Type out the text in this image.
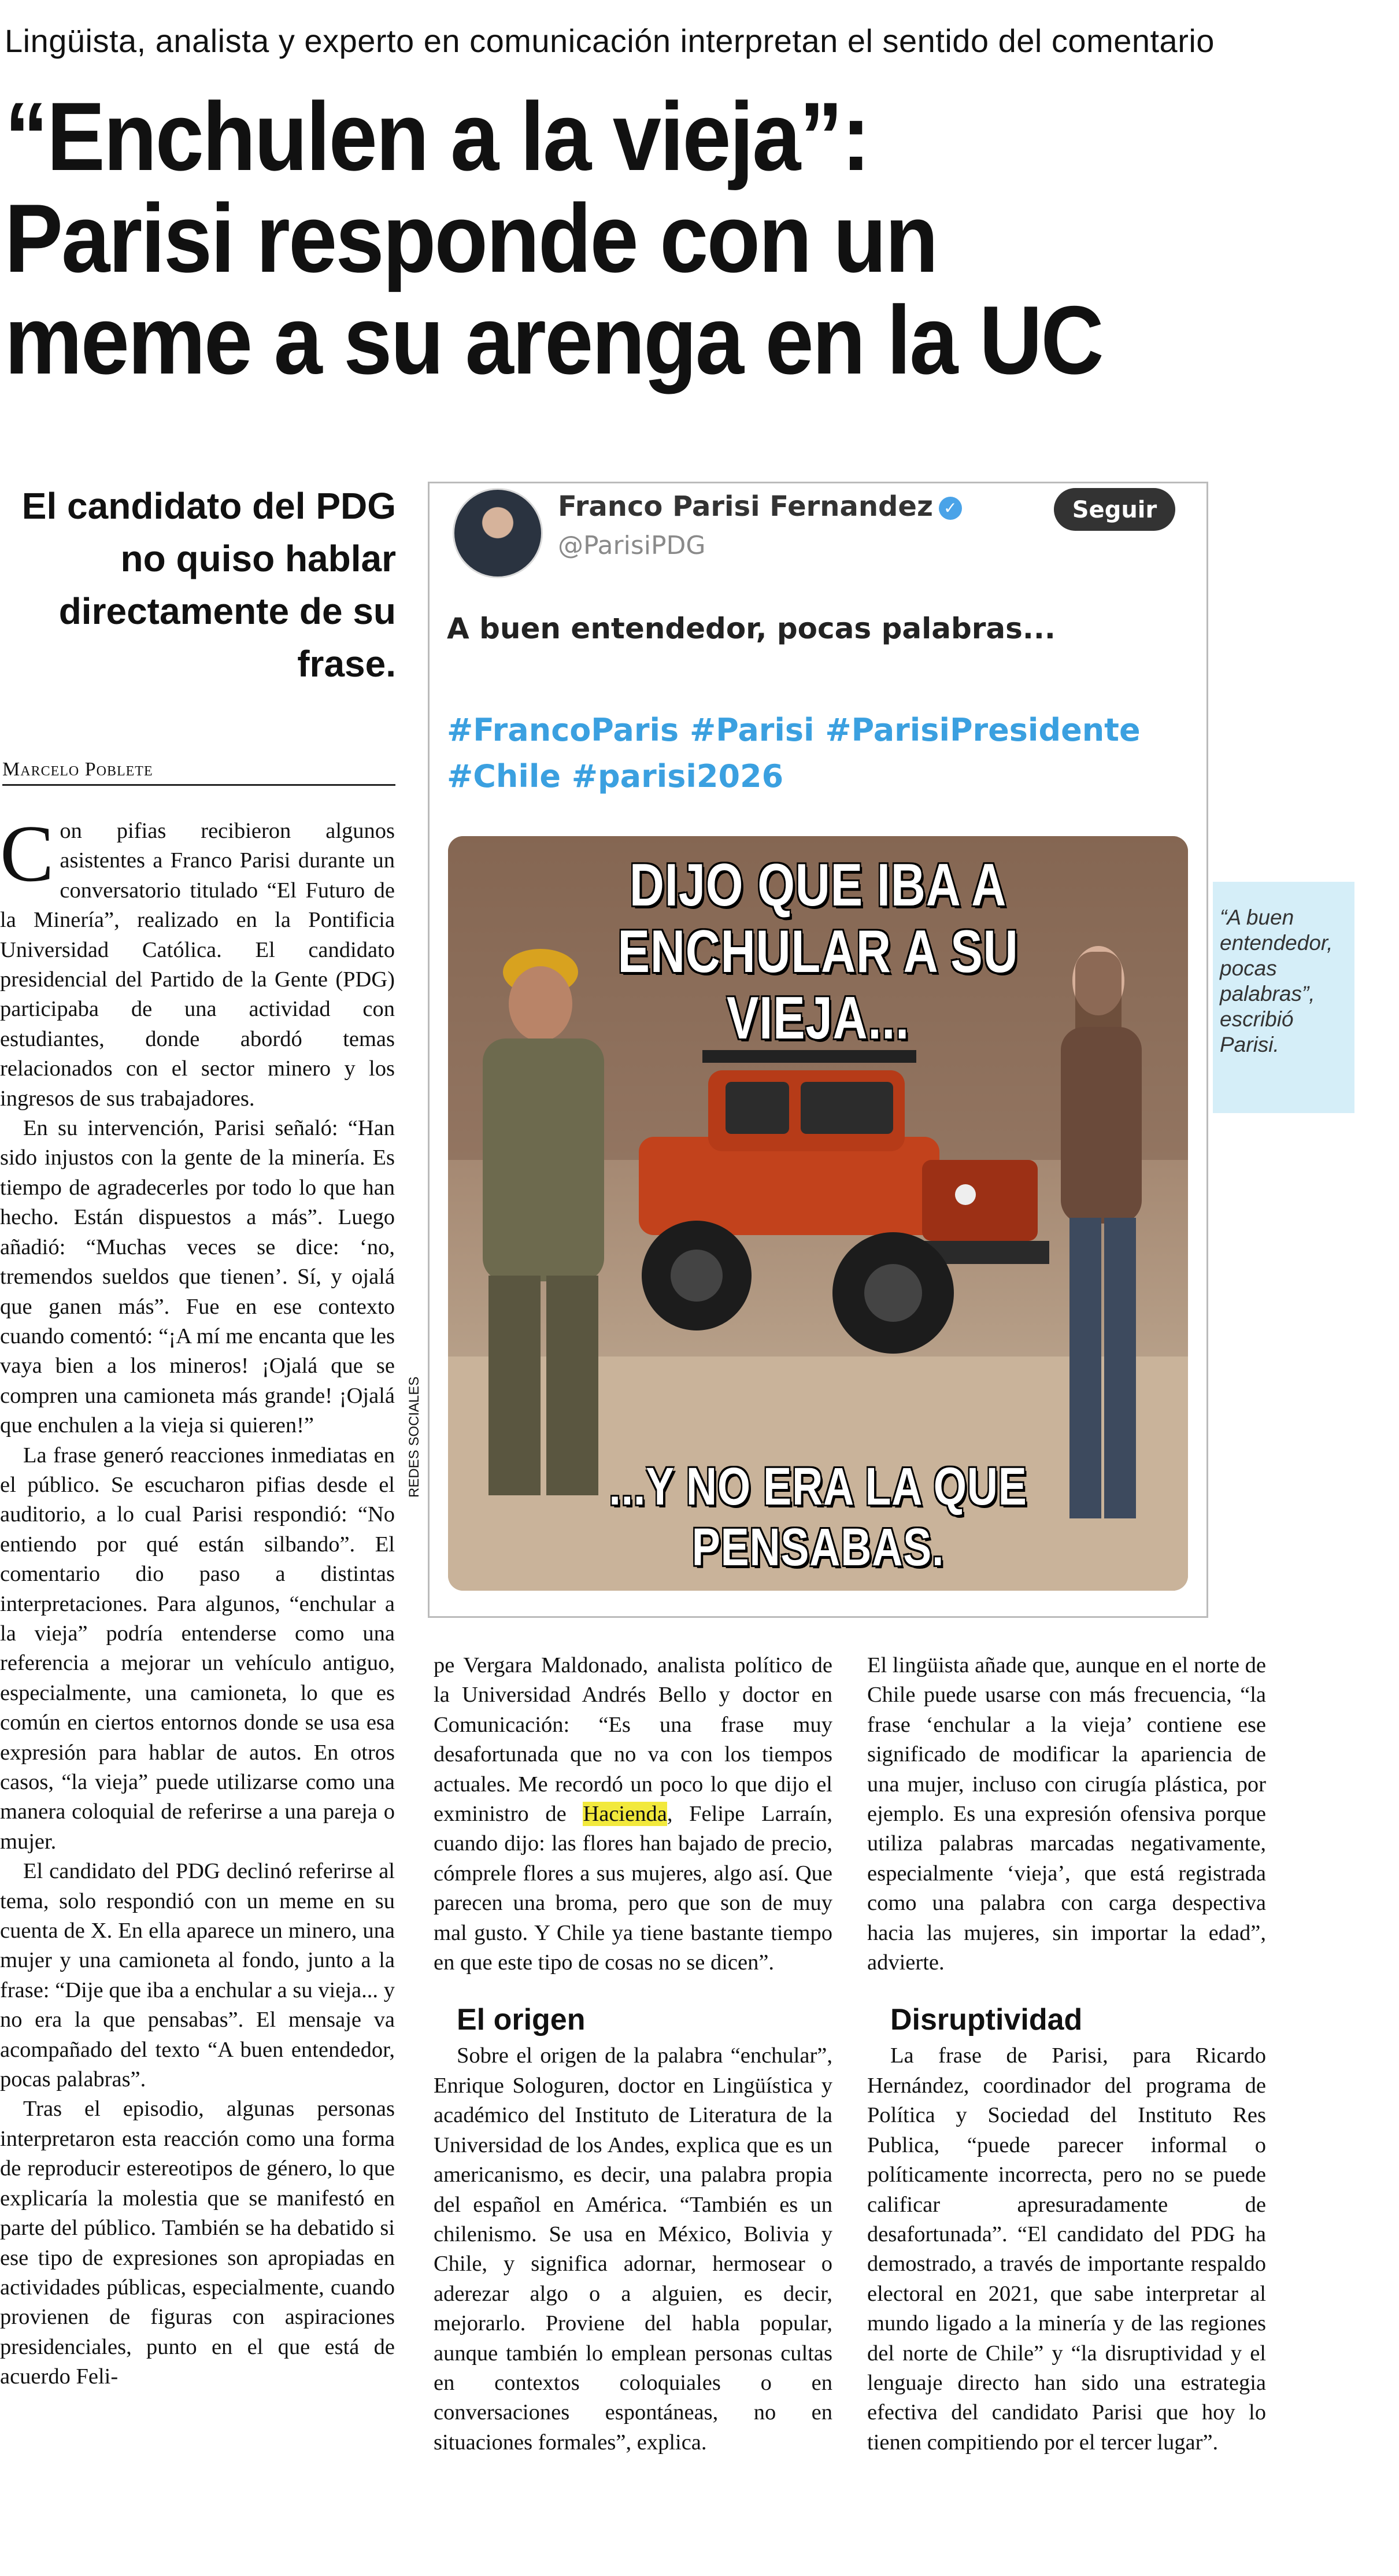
Lingüista, analista y experto en comunicación interpretan el sentido del comentario
“Enchulen a la vieja”:
Parisi responde con un
meme a su arenga en la UC
El candidato del PDG no quiso hablar directamente de su frase.
Marcelo Poblete
Franco Parisi Fernandez ✓
@ParisiPDG
Seguir
A buen entendedor, pocas palabras...
#FrancoParis #Parisi #ParisiPresidente
#Chile #parisi2026
DIJO QUE IBA A
ENCHULAR A SU VIEJA...
...Y NO ERA LA QUE PENSABAS.
REDES SOCIALES
“A buen entendedor, pocas palabras”, escribió Parisi.

Con pifias recibieron algunos asistentes a Franco Parisi durante un conversatorio titulado “El Futuro de la Minería”, realizado en la Pontificia Universidad Católica. El candidato presidencial del Partido de la Gente (PDG) participaba de una actividad con estudiantes, donde abordó temas relacionados con el sector minero y los ingresos de sus trabajadores.

En su intervención, Parisi señaló: “Han sido injustos con la gente de la minería. Es tiempo de agradecerles por todo lo que han hecho. Están dispuestos a más”. Luego añadió: “Muchas veces se dice: ‘no, tremendos sueldos que tienen’. Sí, y ojalá que ganen más”. Fue en ese contexto cuando comentó: “¡A mí me encanta que les vaya bien a los mineros! ¡Ojalá que se compren una camioneta más grande! ¡Ojalá que enchulen a la vieja si quieren!”

La frase generó reacciones inmediatas en el público. Se escucharon pifias desde el auditorio, a lo cual Parisi respondió: “No entiendo por qué están silbando”. El comentario dio paso a distintas interpretaciones. Para algunos, “enchular a la vieja” podría entenderse como una referencia a mejorar un vehículo antiguo, especialmente, una camioneta, lo que es común en ciertos entornos donde se usa esa expresión para hablar de autos. En otros casos, “la vieja” puede utilizarse como una manera coloquial de referirse a una pareja o mujer.

El candidato del PDG declinó referirse al tema, solo respondió con un meme en su cuenta de X. En ella aparece un minero, una mujer y una camioneta al fondo, junto a la frase: “Dije que iba a enchular a su vieja... y no era la que pensabas”. El mensaje va acompañado del texto “A buen entendedor, pocas palabras”.

Tras el episodio, algunas personas interpretaron esta reacción como una forma de reproducir estereotipos de género, lo que explicaría la molestia que se manifestó en parte del público. También se ha debatido si ese tipo de expresiones son apropiadas en actividades públicas, especialmente, cuando provienen de figuras con aspiraciones presidenciales, punto en el que está de acuerdo Feli-

pe Vergara Maldonado, analista político de la Universidad Andrés Bello y doctor en Comunicación: “Es una frase muy desafortunada que no va con los tiempos actuales. Me recordó un poco lo que dijo el exministro de Hacienda, Felipe Larraín, cuando dijo: las flores han bajado de precio, cómprele flores a sus mujeres, algo así. Que parecen una broma, pero que son de muy mal gusto. Y Chile ya tiene bastante tiempo en que este tipo de cosas no se dicen”.

El origen

Sobre el origen de la palabra “enchular”, Enrique Sologuren, doctor en Lingüística y académico del Instituto de Literatura de la Universidad de los Andes, explica que es un americanismo, es decir, una palabra propia del español en América. “También es un chilenismo. Se usa en México, Bolivia y Chile, y significa adornar, hermosear o aderezar algo o a alguien, es decir, mejorarlo. Proviene del habla popular, aunque también lo emplean personas cultas en contextos coloquiales o en conversaciones espontáneas, no en situaciones formales”, explica.

El lingüista añade que, aunque en el norte de Chile puede usarse con más frecuencia, “la frase ‘enchular a la vieja’ contiene ese significado de modificar la apariencia de una mujer, incluso con cirugía plástica, por ejemplo. Es una expresión ofensiva porque utiliza palabras marcadas negativamente, especialmente ‘vieja’, que está registrada como una palabra con carga despectiva hacia las mujeres, sin importar la edad”, advierte.

Disruptividad

La frase de Parisi, para Ricardo Hernández, coordinador del programa de Política y Sociedad del Instituto Res Publica, “puede parecer informal o políticamente incorrecta, pero no se puede calificar apresuradamente de desafortunada”. “El candidato del PDG ha demostrado, a través de importante respaldo electoral en 2021, que sabe interpretar al mundo ligado a la minería y de las regiones del norte de Chile” y “la disruptividad y el lenguaje directo han sido una estrategia efectiva del candidato Parisi que hoy lo tienen compitiendo por el tercer lugar”.
